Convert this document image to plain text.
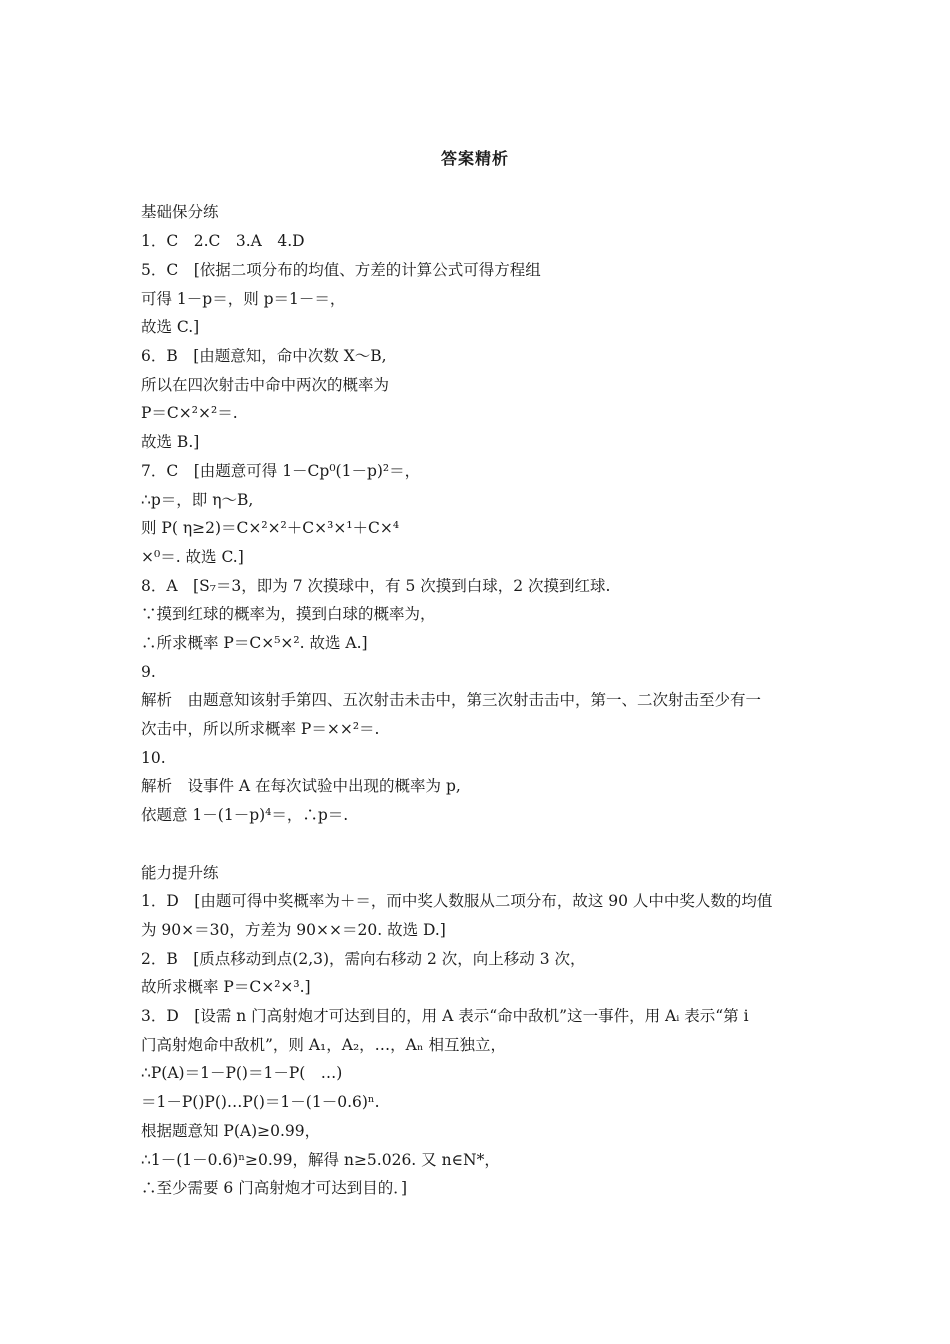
答案精析
基础保分练
1．C　2.C　3.A　4.D
5．C　[依据二项分布的均值、方差的计算公式可得方程组
可得 1－p＝，则 p＝1－＝，
故选 C.]
6．B　[由题意知，命中次数 X～B,
所以在四次射击中命中两次的概率为
P＝C×²×²＝.
故选 B.]
7．C　[由题意可得 1－Cp⁰(1－p)²＝，
∴p＝，即 η～B,
则 P( η≥2)＝C×²×²＋C×³×¹＋C×⁴
×⁰＝. 故选 C.]
8．A　[S₇＝3，即为 7 次摸球中，有 5 次摸到白球，2 次摸到红球.
∵摸到红球的概率为，摸到白球的概率为，
∴所求概率 P＝C×⁵×². 故选 A.]
9.
解析　由题意知该射手第四、五次射击未击中，第三次射击击中，第一、二次射击至少有一
次击中，所以所求概率 P＝××²＝.
10.
解析　设事件 A 在每次试验中出现的概率为 p,
依题意 1－(1－p)⁴＝，∴p＝.
能力提升练
1．D　[由题可得中奖概率为＋＝，而中奖人数服从二项分布，故这 90 人中中奖人数的均值
为 90×＝30，方差为 90××＝20. 故选 D.]
2．B　[质点移动到点(2,3)，需向右移动 2 次，向上移动 3 次，
故所求概率 P＝C×²×³.]
3．D　[设需 n 门高射炮才可达到目的，用 A 表示“命中敌机”这一事件，用 Aᵢ 表示“第 i
门高射炮命中敌机”，则 A₁，A₂，…，Aₙ 相互独立，
∴P(A)＝1－P()＝1－P(　…)
＝1－P()P()…P()＝1－(1－0.6)ⁿ.
根据题意知 P(A)≥0.99，
∴1－(1－0.6)ⁿ≥0.99，解得 n≥5.026. 又 n∈N*，
∴至少需要 6 门高射炮才可达到目的．]
